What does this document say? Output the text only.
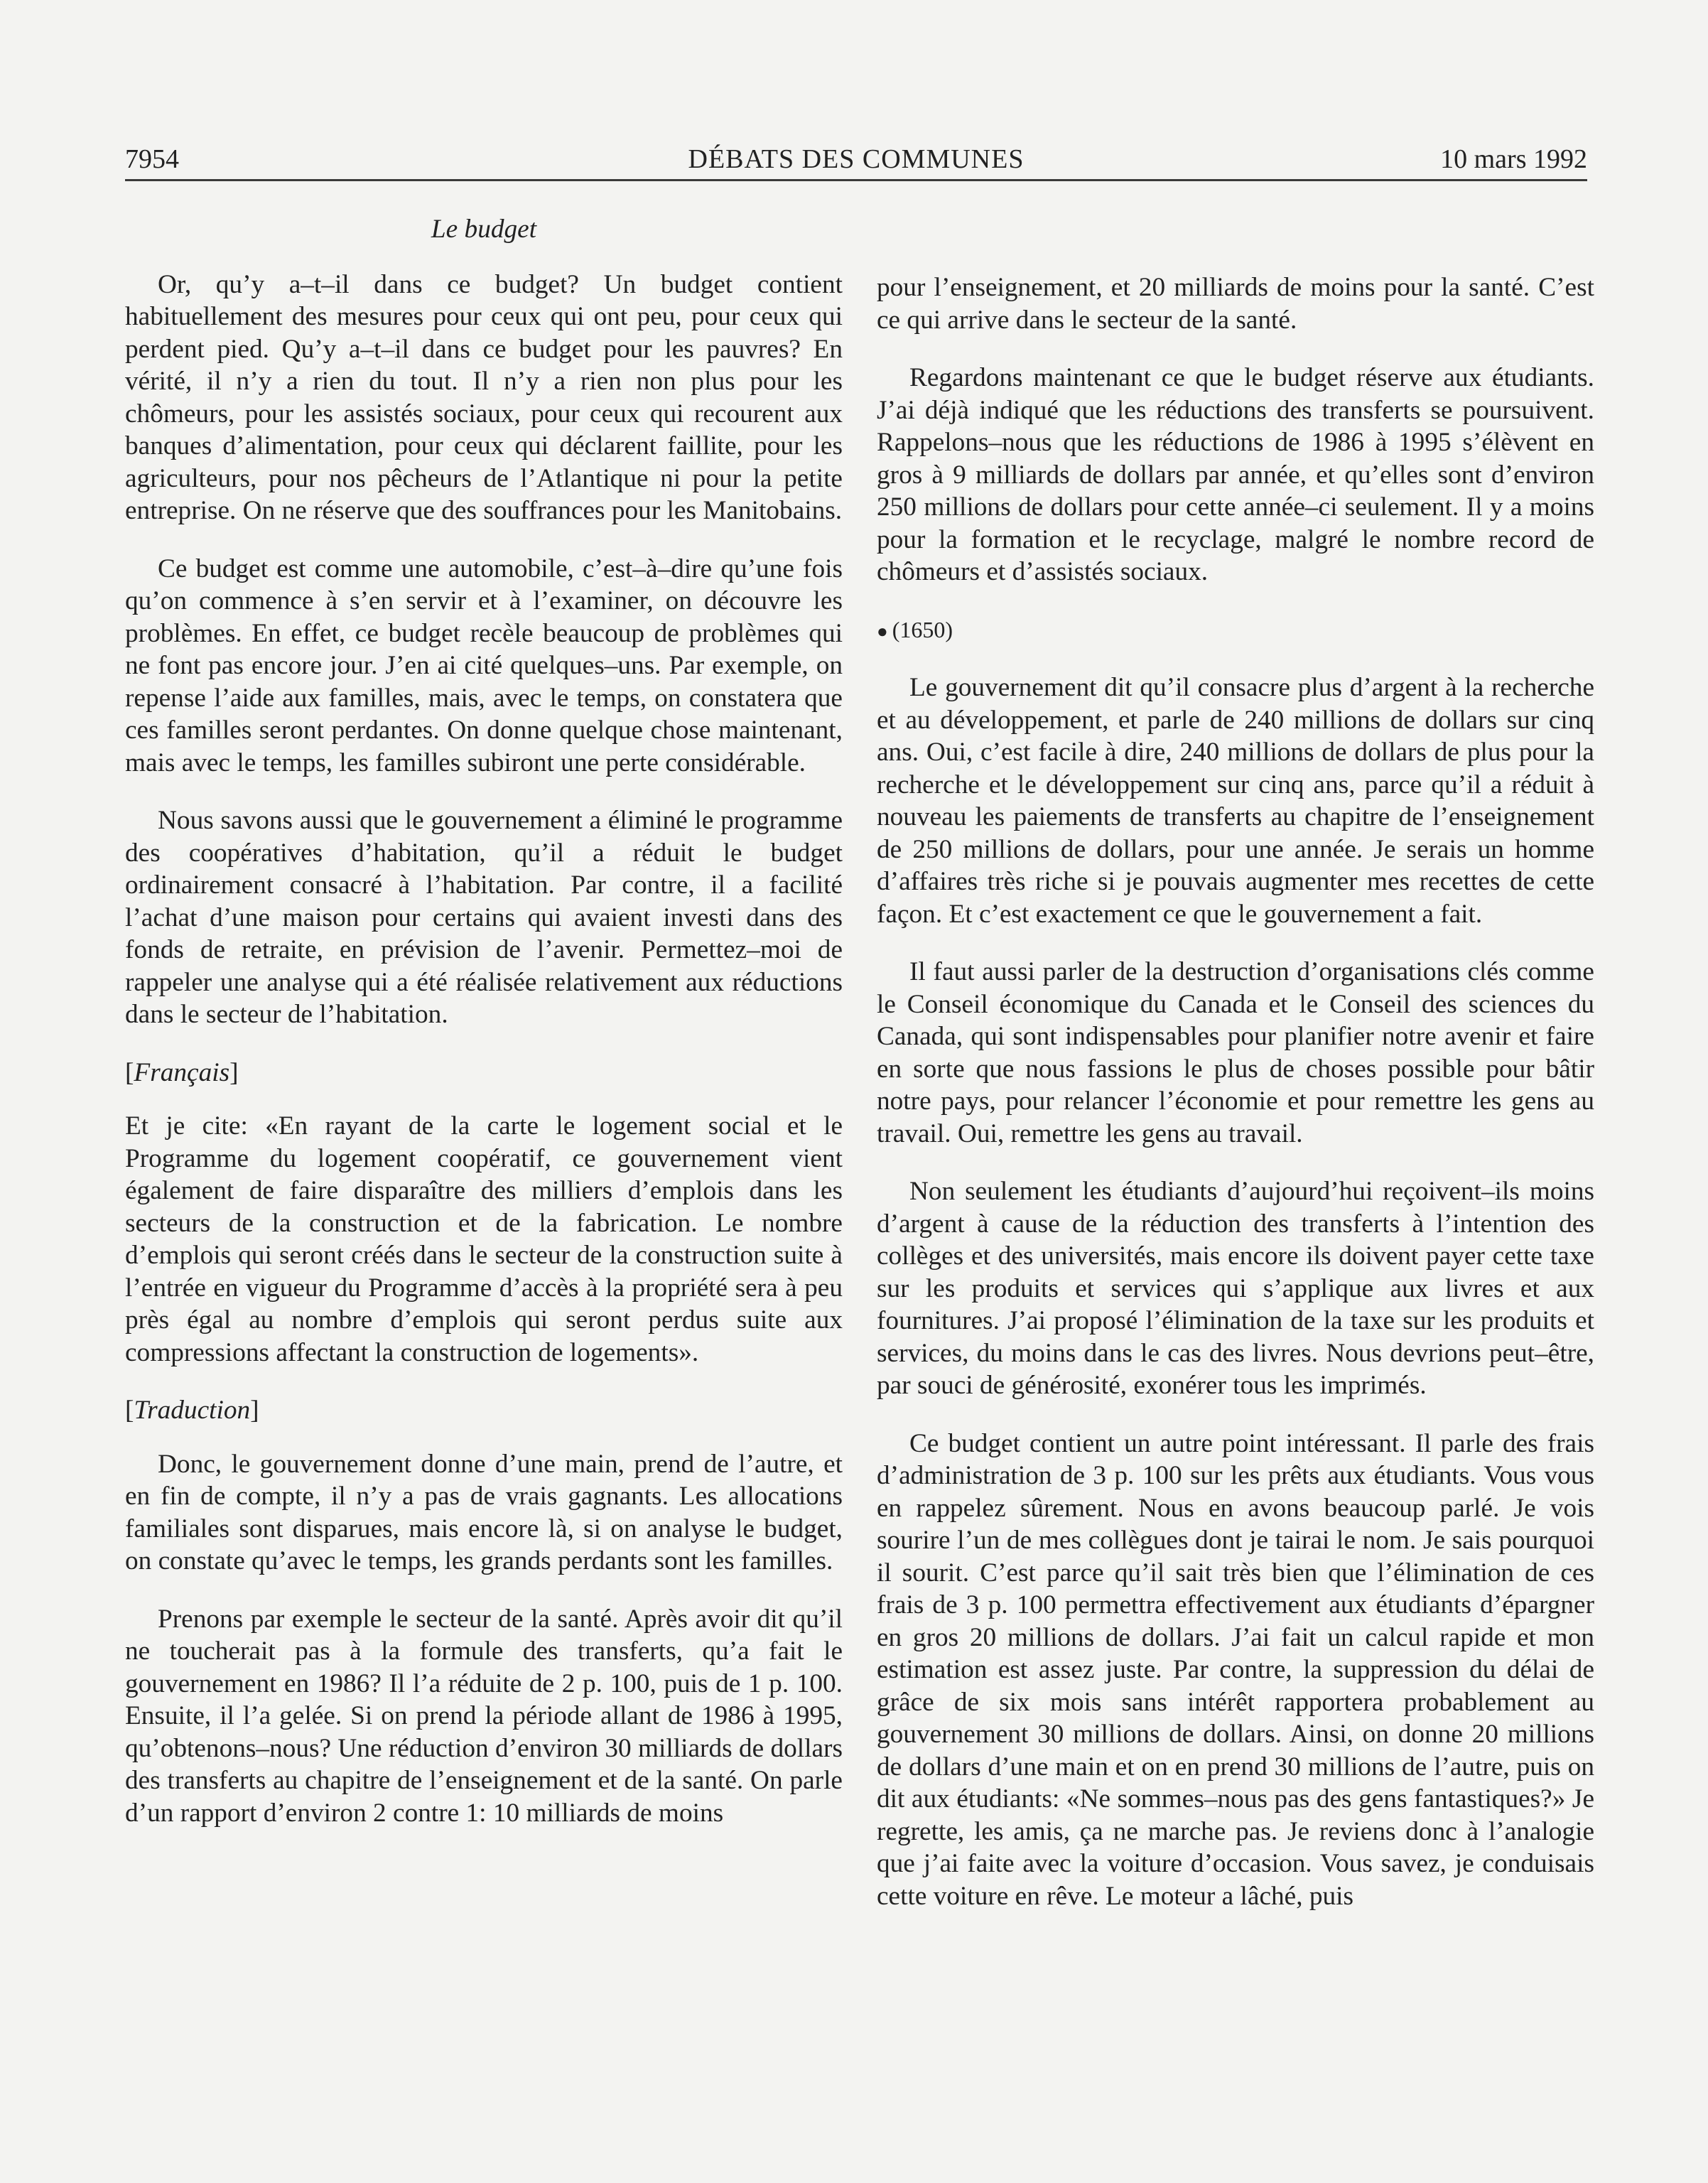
7954	DÉBATS DES COMMUNES	10 mars 1992

Le budget

Or, qu’y a–t–il dans ce budget? Un budget contient habituellement des mesures pour ceux qui ont peu, pour ceux qui perdent pied. Qu’y a–t–il dans ce budget pour les pauvres? En vérité, il n’y a rien du tout. Il n’y a rien non plus pour les chômeurs, pour les assistés sociaux, pour ceux qui recourent aux banques d’alimentation, pour ceux qui déclarent faillite, pour les agriculteurs, pour nos pêcheurs de l’Atlantique ni pour la petite entreprise. On ne réserve que des souffrances pour les Manitobains.

Ce budget est comme une automobile, c’est–à–dire qu’une fois qu’on commence à s’en servir et à l’examiner, on découvre les problèmes. En effet, ce budget recèle beaucoup de problèmes qui ne font pas encore jour. J’en ai cité quelques–uns. Par exemple, on repense l’aide aux familles, mais, avec le temps, on constatera que ces familles seront perdantes. On donne quelque chose maintenant, mais avec le temps, les familles subiront une perte considérable.

Nous savons aussi que le gouvernement a éliminé le programme des coopératives d’habitation, qu’il a réduit le budget ordinairement consacré à l’habitation. Par contre, il a facilité l’achat d’une maison pour certains qui avaient investi dans des fonds de retraite, en prévision de l’avenir. Permettez–moi de rappeler une analyse qui a été réalisée relativement aux réductions dans le secteur de l’habitation.

[Français]

Et je cite: «En rayant de la carte le logement social et le Programme du logement coopératif, ce gouvernement vient également de faire disparaître des milliers d’emplois dans les secteurs de la construction et de la fabrication. Le nombre d’emplois qui seront créés dans le secteur de la construction suite à l’entrée en vigueur du Programme d’accès à la propriété sera à peu près égal au nombre d’emplois qui seront perdus suite aux compressions affectant la construction de logements».

[Traduction]

Donc, le gouvernement donne d’une main, prend de l’autre, et en fin de compte, il n’y a pas de vrais gagnants. Les allocations familiales sont disparues, mais encore là, si on analyse le budget, on constate qu’avec le temps, les grands perdants sont les familles.

Prenons par exemple le secteur de la santé. Après avoir dit qu’il ne toucherait pas à la formule des transferts, qu’a fait le gouvernement en 1986? Il l’a réduite de 2 p. 100, puis de 1 p. 100. Ensuite, il l’a gelée. Si on prend la période allant de 1986 à 1995, qu’obtenons–nous? Une réduction d’environ 30 milliards de dollars des transferts au chapitre de l’enseignement et de la santé. On parle d’un rapport d’environ 2 contre 1: 10 milliards de moins

pour l’enseignement, et 20 milliards de moins pour la santé. C’est ce qui arrive dans le secteur de la santé.

Regardons maintenant ce que le budget réserve aux étudiants. J’ai déjà indiqué que les réductions des transferts se poursuivent. Rappelons–nous que les réductions de 1986 à 1995 s’élèvent en gros à 9 milliards de dollars par année, et qu’elles sont d’environ 250 millions de dollars pour cette année–ci seulement. Il y a moins pour la formation et le recyclage, malgré le nombre record de chômeurs et d’assistés sociaux.

● (1650)

Le gouvernement dit qu’il consacre plus d’argent à la recherche et au développement, et parle de 240 millions de dollars sur cinq ans. Oui, c’est facile à dire, 240 millions de dollars de plus pour la recherche et le développement sur cinq ans, parce qu’il a réduit à nouveau les paiements de transferts au chapitre de l’enseignement de 250 millions de dollars, pour une année. Je serais un homme d’affaires très riche si je pouvais augmenter mes recettes de cette façon. Et c’est exactement ce que le gouvernement a fait.

Il faut aussi parler de la destruction d’organisations clés comme le Conseil économique du Canada et le Conseil des sciences du Canada, qui sont indispensables pour planifier notre avenir et faire en sorte que nous fassions le plus de choses possible pour bâtir notre pays, pour relancer l’économie et pour remettre les gens au travail. Oui, remettre les gens au travail.

Non seulement les étudiants d’aujourd’hui reçoivent–ils moins d’argent à cause de la réduction des transferts à l’intention des collèges et des universités, mais encore ils doivent payer cette taxe sur les produits et services qui s’applique aux livres et aux fournitures. J’ai proposé l’élimination de la taxe sur les produits et services, du moins dans le cas des livres. Nous devrions peut–être, par souci de générosité, exonérer tous les imprimés.

Ce budget contient un autre point intéressant. Il parle des frais d’administration de 3 p. 100 sur les prêts aux étudiants. Vous vous en rappelez sûrement. Nous en avons beaucoup parlé. Je vois sourire l’un de mes collègues dont je tairai le nom. Je sais pourquoi il sourit. C’est parce qu’il sait très bien que l’élimination de ces frais de 3 p. 100 permettra effectivement aux étudiants d’épargner en gros 20 millions de dollars. J’ai fait un calcul rapide et mon estimation est assez juste. Par contre, la suppression du délai de grâce de six mois sans intérêt rapportera probablement au gouvernement 30 millions de dollars. Ainsi, on donne 20 millions de dollars d’une main et on en prend 30 millions de l’autre, puis on dit aux étudiants: «Ne sommes–nous pas des gens fantastiques?» Je regrette, les amis, ça ne marche pas. Je reviens donc à l’analogie que j’ai faite avec la voiture d’occasion. Vous savez, je conduisais cette voiture en rêve. Le moteur a lâché, puis
